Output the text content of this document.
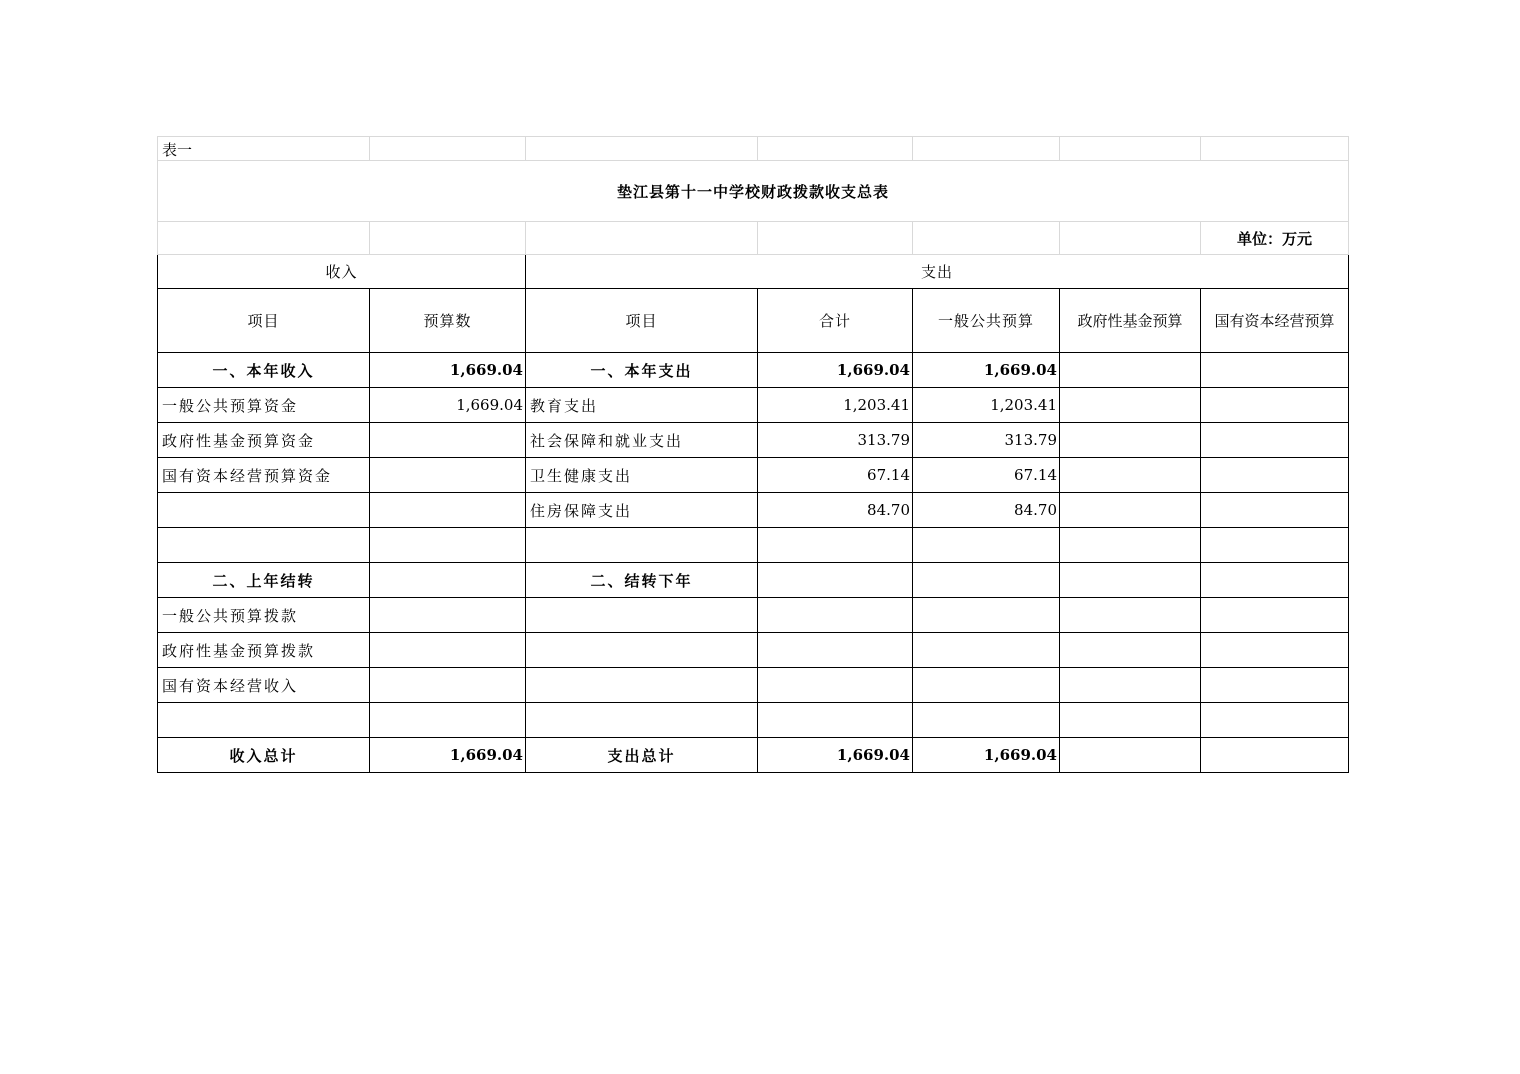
表一						
垫江县第十一中学校财政拨款收支总表						
						单位：万元
收入		支出				
项目	预算数	项目	合计	一般公共预算	政府性基金预算	国有资本经营预算
一、本年收入	1,669.04	一、本年支出	1,669.04	1,669.04		
一般公共预算资金	1,669.04	教育支出	1,203.41	1,203.41		
政府性基金预算资金		社会保障和就业支出	313.79	313.79		
国有资本经营预算资金		卫生健康支出	67.14	67.14		
		住房保障支出	84.70	84.70		

二、上年结转		二、结转下年				
一般公共预算拨款						
政府性基金预算拨款						
国有资本经营收入						

收入总计	1,669.04	支出总计	1,669.04	1,669.04		
